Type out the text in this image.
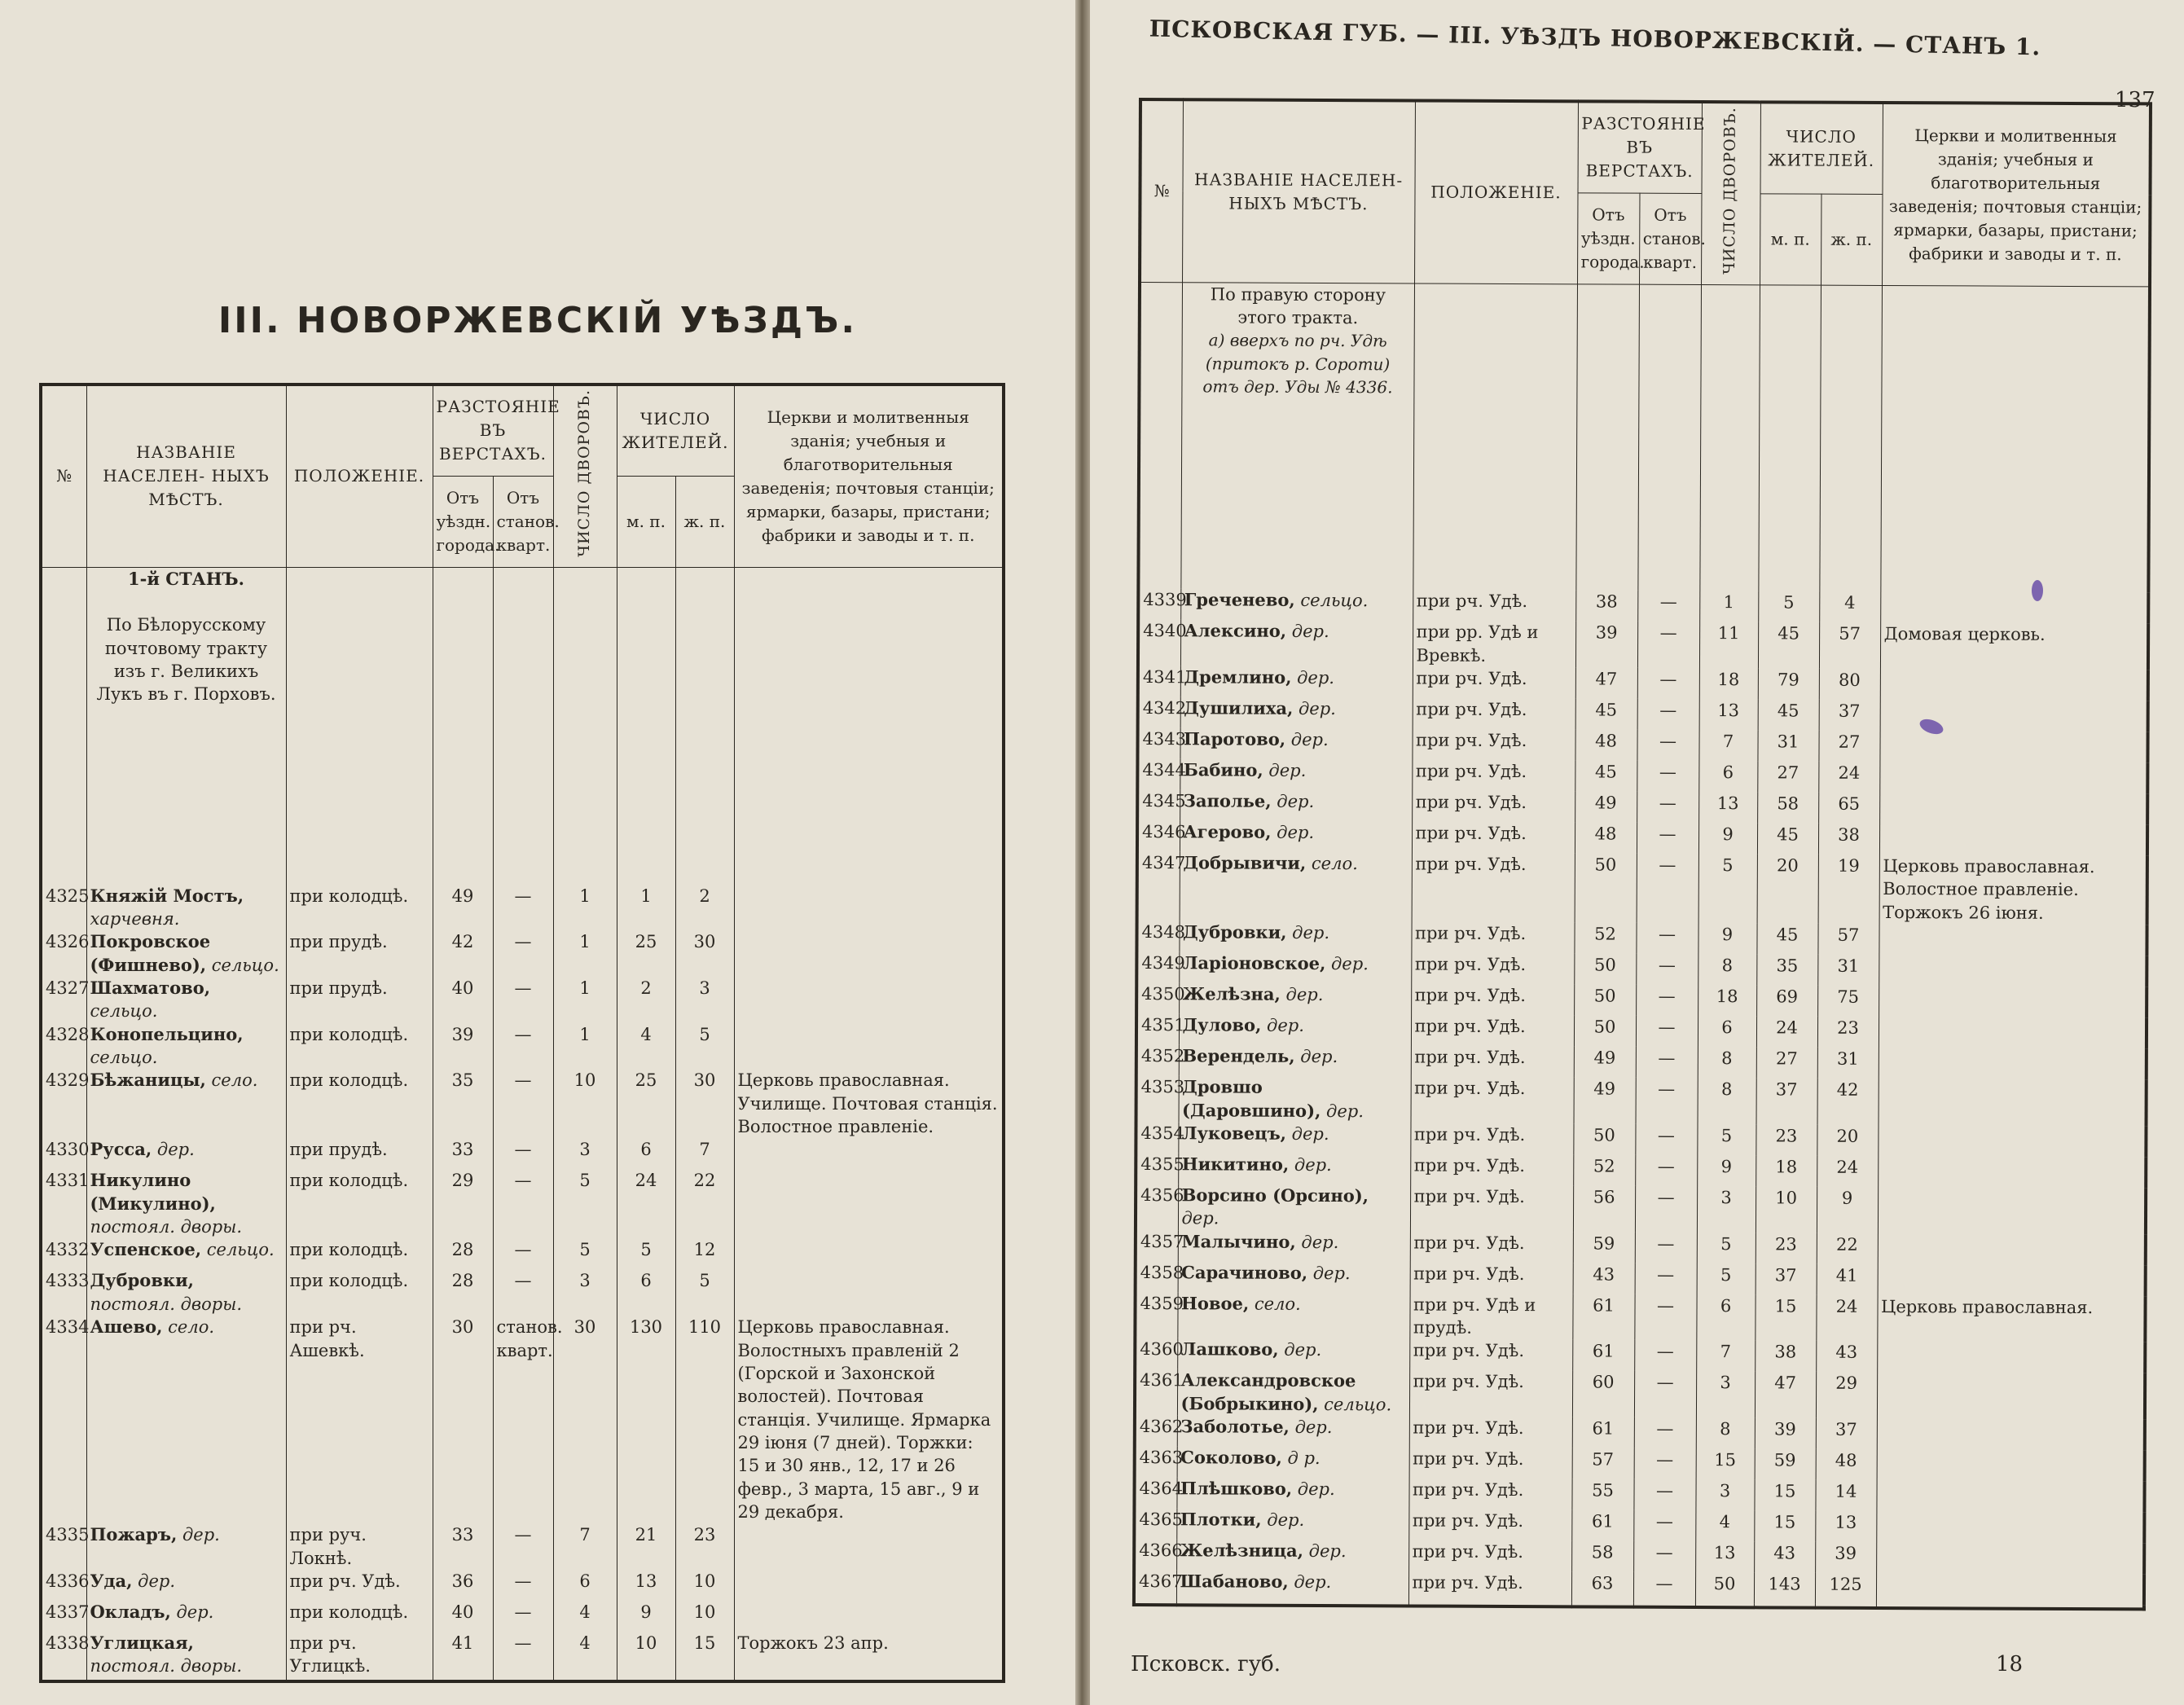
III. НОВОРЖЕВСКІЙ УѢЗДЪ.
№	НАЗВАНІЕ НАСЕЛЕН- НЫХЪ МѢСТЪ.	ПОЛОЖЕНІЕ.	РАЗСТОЯНІЕ ВЪ ВЕРСТАХЪ.		ЧИСЛО ДВОРОВЪ.	ЧИСЛО ЖИТЕЛЕЙ.		Церкви и молитвенныя зданія; учебныя и благотворительныя заведенія; почтовыя станціи; ярмарки, базары, пристани; фабрики и заводы и т. п.
			Отъ уѣздн. города.	Отъ станов. кварт.		м. п.	ж. п.	
	1-й СТАНЪ.

По Бѣлорусскому почтовому тракту изъ г. Великихъ Лукъ въ г. Порховъ.							
4325	Княжій Мостъ, харчевня.	при колодцѣ.	49	—	1	1	2	
4326	Покровское (Фишнево), сельцо.	при прудѣ.	42	—	1	25	30	
4327	Шахматово, сельцо.	при прудѣ.	40	—	1	2	3	
4328	Конопельцино, сельцо.	при колодцѣ.	39	—	1	4	5	
4329	Бѣжаницы, село.	при колодцѣ.	35	—	10	25	30	Церковь православная. Училище. Почтовая станція. Волостное правленіе.
4330	Русса, дер.	при прудѣ.	33	—	3	6	7	
4331	Никулино (Микулино), постоял. дворы.	при колодцѣ.	29	—	5	24	22	
4332	Успенское, сельцо.	при колодцѣ.	28	—	5	5	12	
4333	Дубровки, постоял. дворы.	при колодцѣ.	28	—	3	6	5	
4334	Ашево, село.	при рч. Ашевкѣ.	30	станов. кварт.	30	130	110	Церковь православная. Волостныхъ правленій 2 (Горской и Захонской волостей). Почтовая станція. Училище. Ярмарка 29 іюня (7 дней). Торжки: 15 и 30 янв., 12, 17 и 26 февр., 3 марта, 15 авг., 9 и 29 декабря.
4335	Пожаръ, дер.	при руч. Локнѣ.	33	—	7	21	23	
4336	Уда, дер.	при рч. Удѣ.	36	—	6	13	10	
4337	Окладъ, дер.	при колодцѣ.	40	—	4	9	10	
4338	Углицкая, постоял. дворы.	при рч. Углицкѣ.	41	—	4	10	15	Торжокъ 23 апр.

ПСКОВСКАЯ ГУБ. — III. УѢЗДЪ НОВОРЖЕВСКІЙ. — СТАНЪ 1.
137
№	НАЗВАНІЕ НАСЕЛЕН- НЫХЪ МѢСТЪ.	ПОЛОЖЕНІЕ.	РАЗСТОЯНІЕ ВЪ ВЕРСТАХЪ.		ЧИСЛО ДВОРОВЪ.	ЧИСЛО ЖИТЕЛЕЙ.		Церкви и молитвенныя зданія; учебныя и благотворительныя заведенія; почтовыя станціи; ярмарки, базары, пристани; фабрики и заводы и т. п.
			Отъ уѣздн. города.	Отъ станов. кварт.		м. п.	ж. п.	
	По правую сторону этого тракта.
а) вверхъ по рч. Удѣ (притокъ р. Сороти) отъ дер. Уды № 4336.							
4339	Греченево, сельцо.	при рч. Удѣ.	38	—	1	5	4	
4340	Алексино, дер.	при рр. Удѣ и Вревкѣ.	39	—	11	45	57	Домовая церковь.
4341	Дремлино, дер.	при рч. Удѣ.	47	—	18	79	80	
4342	Душилиха, дер.	при рч. Удѣ.	45	—	13	45	37	
4343	Паротово, дер.	при рч. Удѣ.	48	—	7	31	27	
4344	Бабино, дер.	при рч. Удѣ.	45	—	6	27	24	
4345	Заполье, дер.	при рч. Удѣ.	49	—	13	58	65	
4346	Агерово, дер.	при рч. Удѣ.	48	—	9	45	38	
4347	Добрывичи, село.	при рч. Удѣ.	50	—	5	20	19	Церковь православная. Волостное правленіе. Торжокъ 26 іюня.
4348	Дубровки, дер.	при рч. Удѣ.	52	—	9	45	57	
4349	Ларіоновское, дер.	при рч. Удѣ.	50	—	8	35	31	
4350	Желѣзна, дер.	при рч. Удѣ.	50	—	18	69	75	
4351	Дулово, дер.	при рч. Удѣ.	50	—	6	24	23	
4352	Верендель, дер.	при рч. Удѣ.	49	—	8	27	31	
4353	Дровшо (Даровшино), дер.	при рч. Удѣ.	49	—	8	37	42	
4354	Луковецъ, дер.	при рч. Удѣ.	50	—	5	23	20	
4355	Никитино, дер.	при рч. Удѣ.	52	—	9	18	24	
4356	Ворсино (Орсино), дер.	при рч. Удѣ.	56	—	3	10	9	
4357	Малычино, дер.	при рч. Удѣ.	59	—	5	23	22	
4358	Сарачиново, дер.	при рч. Удѣ.	43	—	5	37	41	
4359	Новое, село.	при рч. Удѣ и прудѣ.	61	—	6	15	24	Церковь православная.
4360	Лашково, дер.	при рч. Удѣ.	61	—	7	38	43	
4361	Александровское (Бобрыкино), сельцо.	при рч. Удѣ.	60	—	3	47	29	
4362	Заболотье, дер.	при рч. Удѣ.	61	—	8	39	37	
4363	Соколово, д р.	при рч. Удѣ.	57	—	15	59	48	
4364	Плѣшково, дер.	при рч. Удѣ.	55	—	3	15	14	
4365	Плотки, дер.	при рч. Удѣ.	61	—	4	15	13	
4366	Желѣзница, дер.	при рч. Удѣ.	58	—	13	43	39	
4367	Шабаново, дер.	при рч. Удѣ.	63	—	50	143	125	

Псковск. губ.	18
